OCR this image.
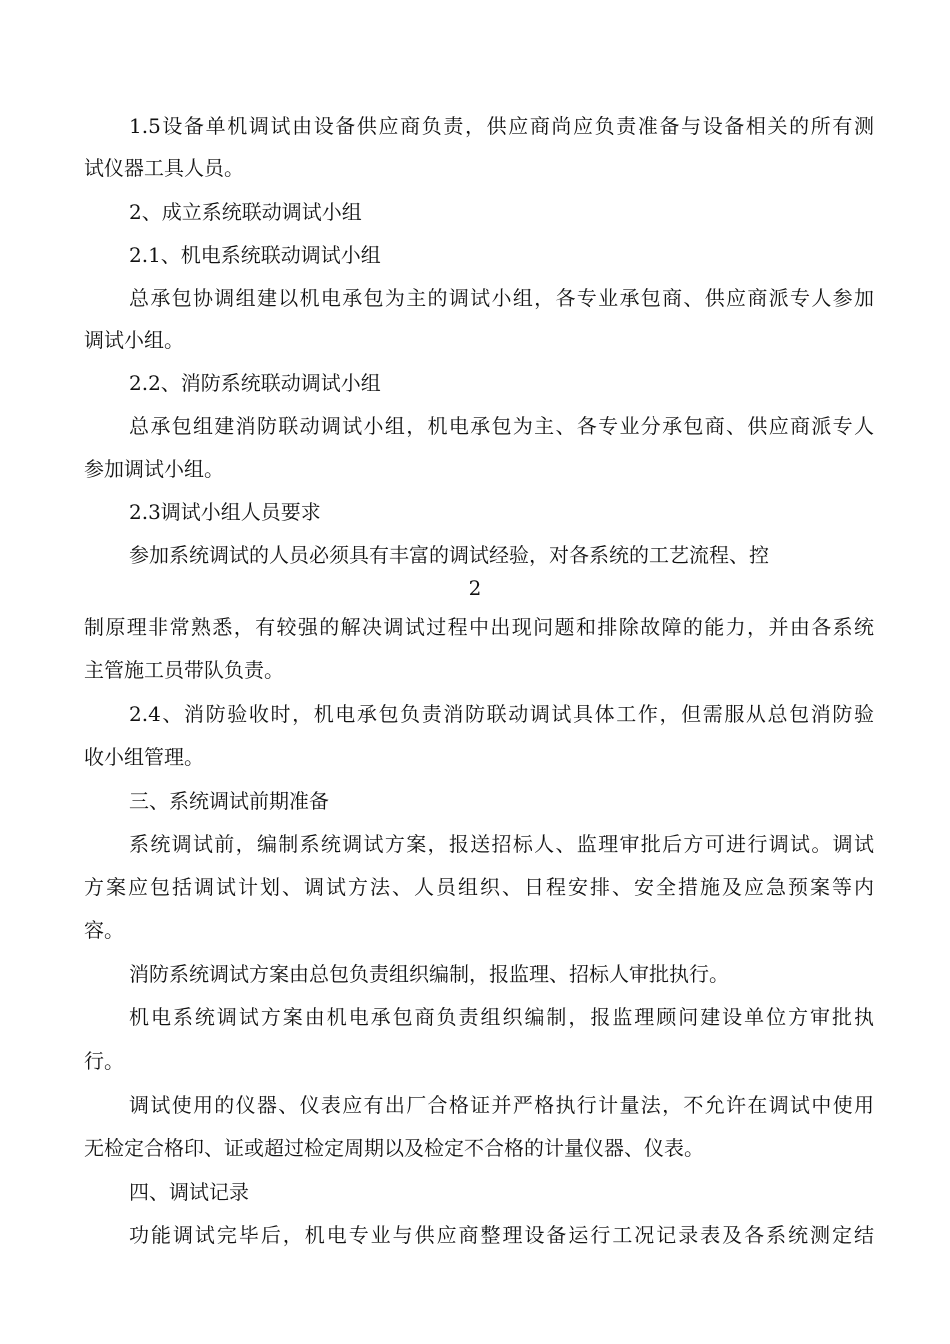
1.5设备单机调试由设备供应商负责，供应商尚应负责准备与设备相关的所有测
试仪器工具人员。
2、成立系统联动调试小组
2.1、机电系统联动调试小组
总承包协调组建以机电承包为主的调试小组，各专业承包商、供应商派专人参加
调试小组。
2.2、消防系统联动调试小组
总承包组建消防联动调试小组，机电承包为主、各专业分承包商、供应商派专人
参加调试小组。
2.3调试小组人员要求
参加系统调试的人员必须具有丰富的调试经验，对各系统的工艺流程、控
2
制原理非常熟悉，有较强的解决调试过程中出现问题和排除故障的能力，并由各系统
主管施工员带队负责。
2.4、消防验收时，机电承包负责消防联动调试具体工作，但需服从总包消防验
收小组管理。
三、系统调试前期准备
系统调试前，编制系统调试方案，报送招标人、监理审批后方可进行调试。调试
方案应包括调试计划、调试方法、人员组织、日程安排、安全措施及应急预案等内
容。
消防系统调试方案由总包负责组织编制，报监理、招标人审批执行。
机电系统调试方案由机电承包商负责组织编制，报监理顾问建设单位方审批执
行。
调试使用的仪器、仪表应有出厂合格证并严格执行计量法，不允许在调试中使用
无检定合格印、证或超过检定周期以及检定不合格的计量仪器、仪表。
四、调试记录
功能调试完毕后，机电专业与供应商整理设备运行工况记录表及各系统测定结
